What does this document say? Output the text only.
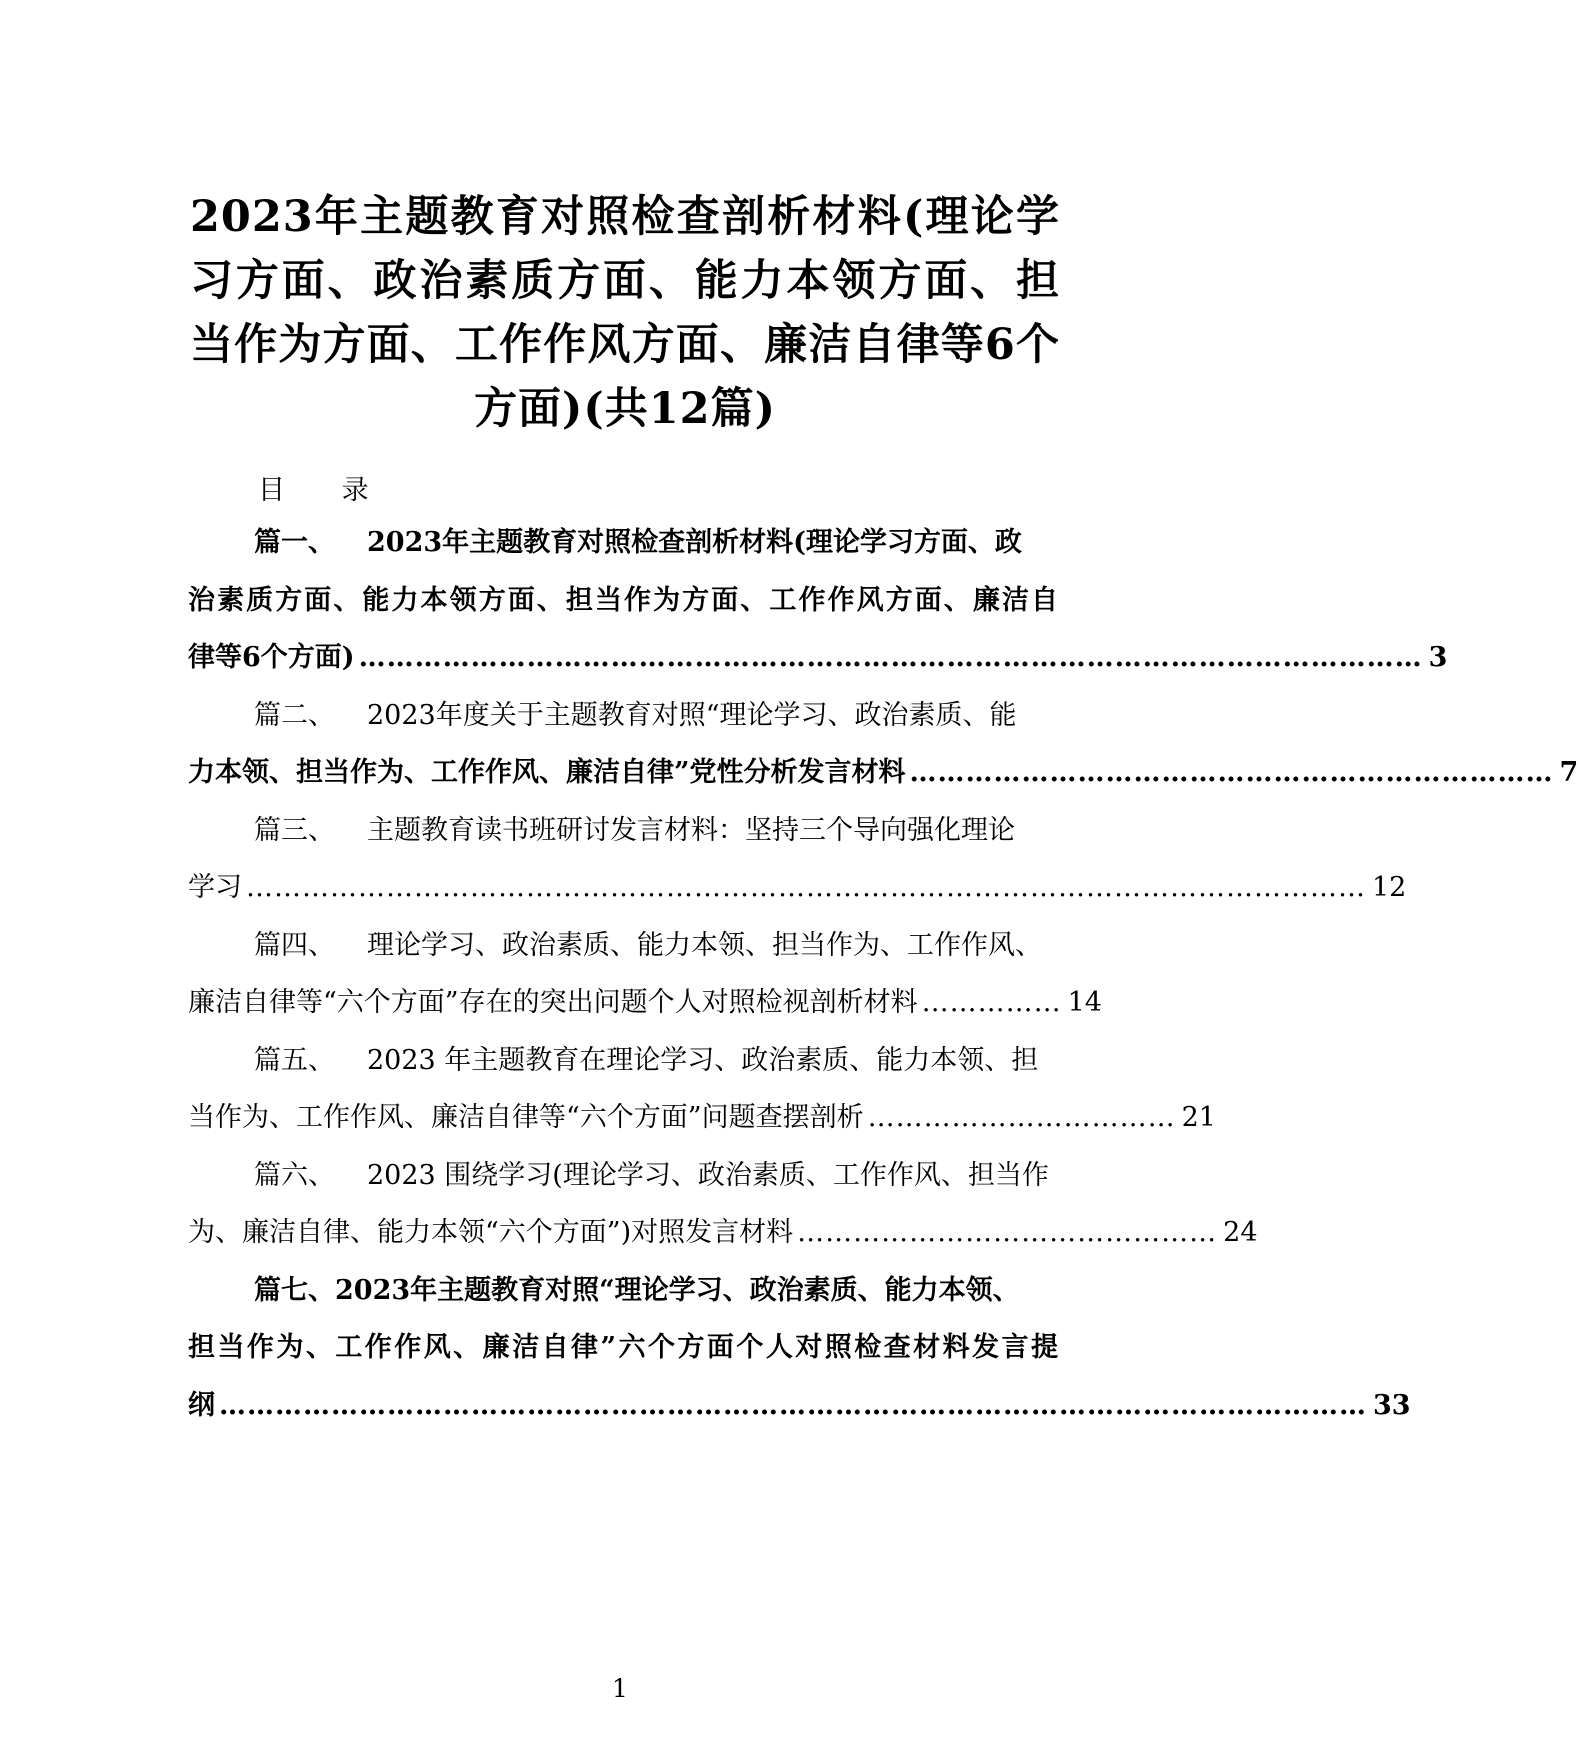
2023年主题教育对照检查剖析材料(理论学习方面、政治素质方面、能力本领方面、担当作为方面、工作作风方面、廉洁自律等6个方面)(共12篇)
目 录
篇一、 2023年主题教育对照检查剖析材料(理论学习方面、政
治素质方面、能力本领方面、担当作为方面、工作作风方面、廉洁自
律等6个方面) …………………………………………………………………………………………………… 3
篇二、 2023年度关于主题教育对照“理论学习、政治素质、能
力本领、担当作为、工作作风、廉洁自律”党性分析发言材料 …………………………………………………………… 7
篇三、 主题教育读书班研讨发言材料：坚持三个导向强化理论
学习 ………………………………………………………………………………………………………… 12
篇四、 理论学习、政治素质、能力本领、担当作为、工作作风、
廉洁自律等“六个方面”存在的突出问题个人对照检视剖析材料 …………… 14
篇五、 2023 年主题教育在理论学习、政治素质、能力本领、担
当作为、工作作风、廉洁自律等“六个方面”问题查摆剖析 …………………………… 21
篇六、 2023 围绕学习(理论学习、政治素质、工作作风、担当作
为、廉洁自律、能力本领“六个方面”)对照发言材料 ……………………………………… 24
篇七、 2023年主题教育对照“理论学习、政治素质、能力本领、
担当作为、工作作风、廉洁自律”六个方面个人对照检查材料发言提
纲 …………………………………………………………………………………………………………… 33
1
